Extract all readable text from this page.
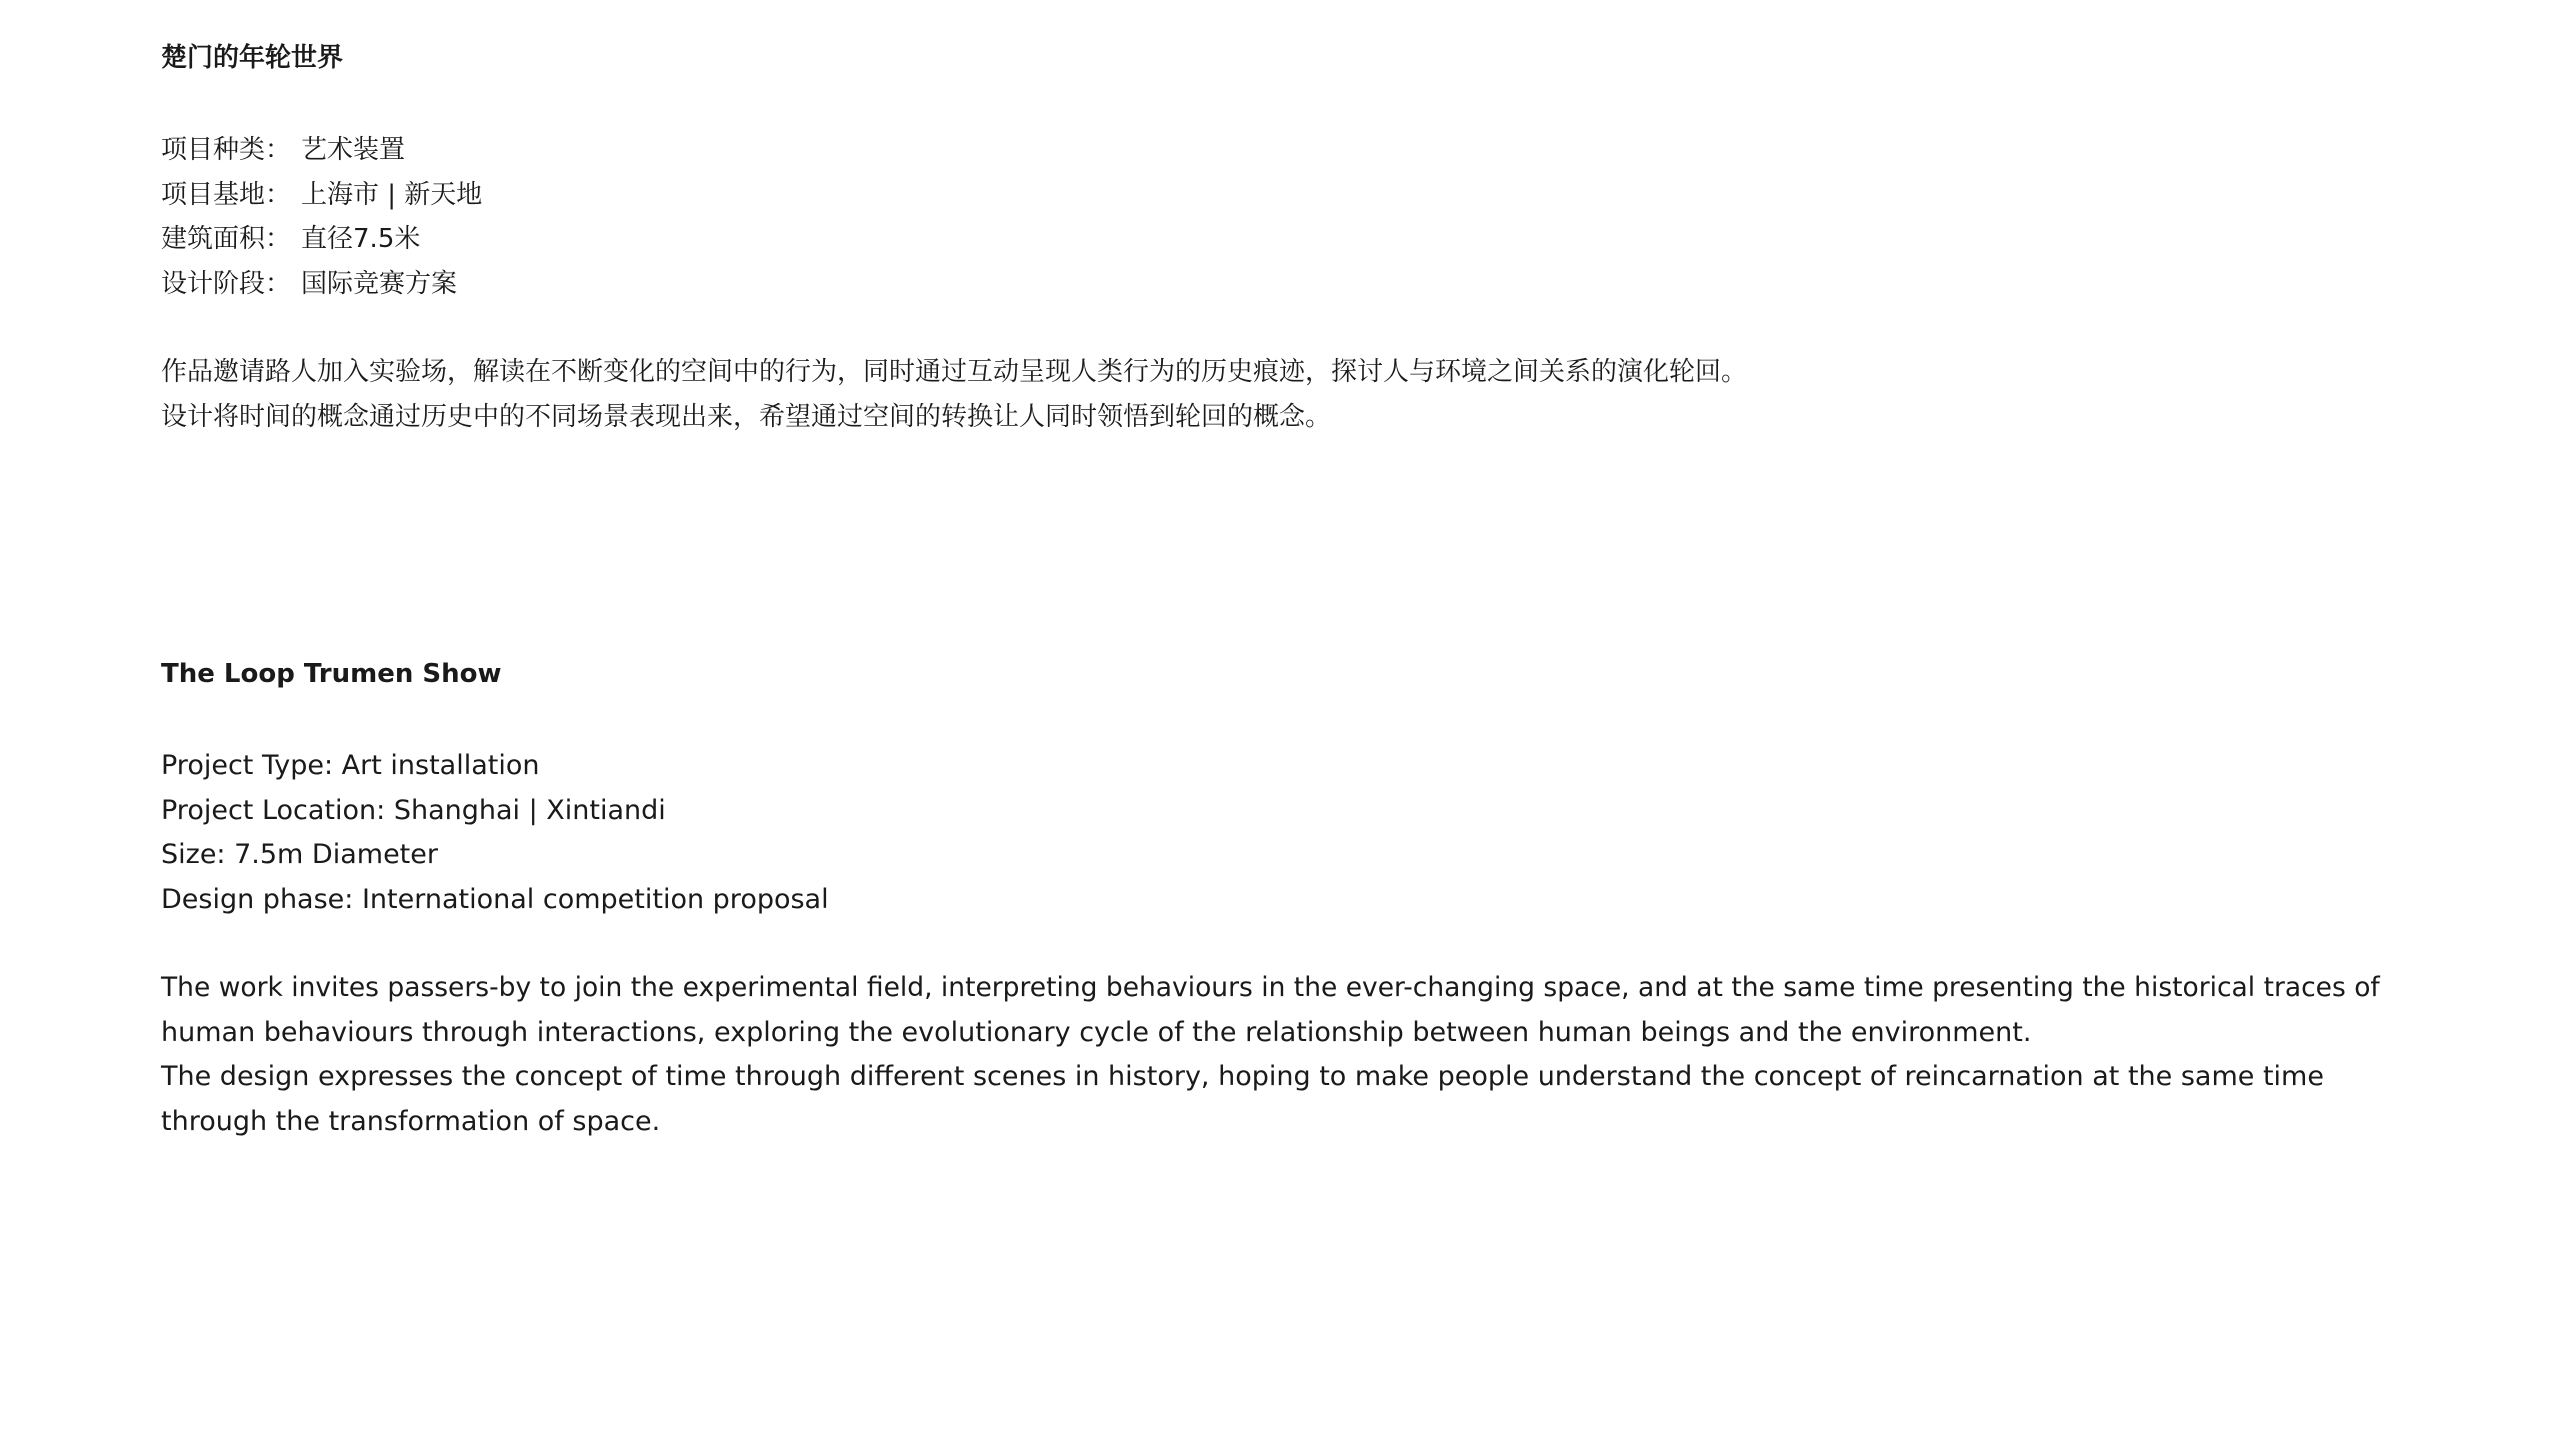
楚门的年轮世界
项目种类： 艺术装置
项目基地： 上海市 | 新天地
建筑面积： 直径7.5米
设计阶段： 国际竞赛方案
作品邀请路人加入实验场，解读在不断变化的空间中的行为，同时通过互动呈现人类行为的历史痕迹，探讨人与环境之间关系的演化轮回。
设计将时间的概念通过历史中的不同场景表现出来，希望通过空间的转换让人同时领悟到轮回的概念。
The Loop Trumen Show
Project Type: Art installation
Project Location: Shanghai | Xintiandi
Size: 7.5m Diameter
Design phase: International competition proposal
The work invites passers-by to join the experimental field, interpreting behaviours in the ever-changing space, and at the same time presenting the historical traces of
human behaviours through interactions, exploring the evolutionary cycle of the relationship between human beings and the environment.
The design expresses the concept of time through different scenes in history, hoping to make people understand the concept of reincarnation at the same time
through the transformation of space.
